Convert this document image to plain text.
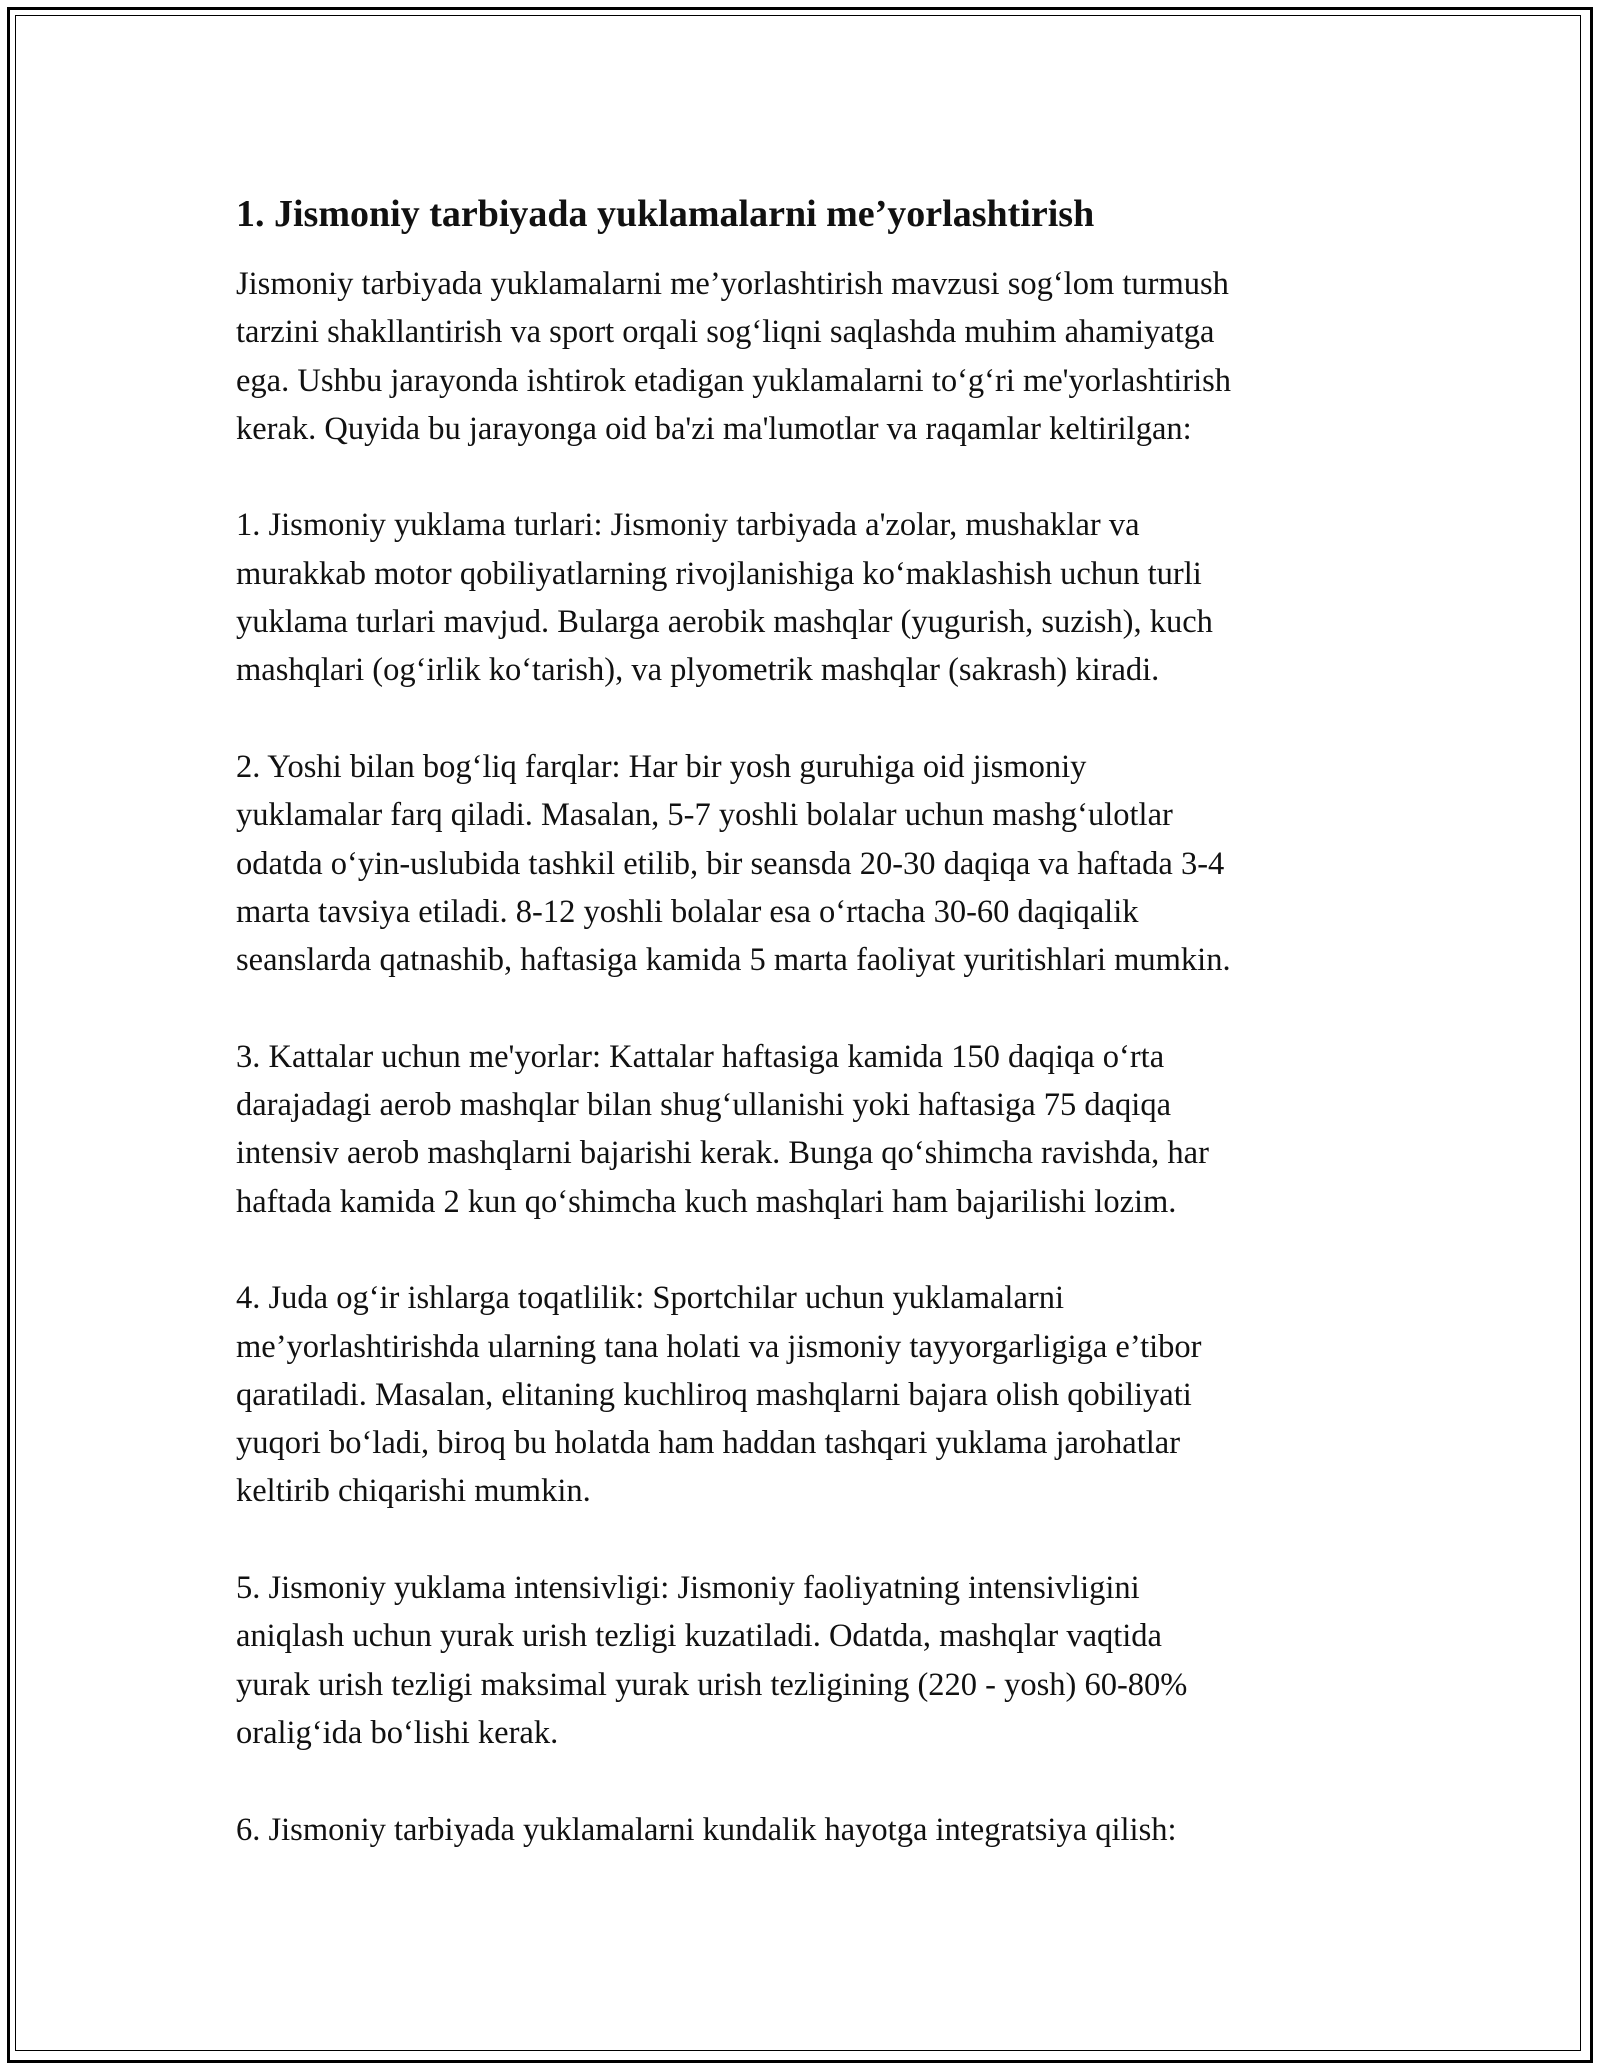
1. Jismoniy tarbiyada yuklamalarni me’yorlashtirish
Jismoniy tarbiyada yuklamalarni me’yorlashtirish mavzusi sog‘lom turmush
tarzini shakllantirish va sport orqali sog‘liqni saqlashda muhim ahamiyatga
ega. Ushbu jarayonda ishtirok etadigan yuklamalarni to‘g‘ri me'yorlashtirish
kerak. Quyida bu jarayonga oid ba'zi ma'lumotlar va raqamlar keltirilgan:
1. Jismoniy yuklama turlari: Jismoniy tarbiyada a'zolar, mushaklar va
murakkab motor qobiliyatlarning rivojlanishiga ko‘maklashish uchun turli
yuklama turlari mavjud. Bularga aerobik mashqlar (yugurish, suzish), kuch
mashqlari (og‘irlik ko‘tarish), va plyometrik mashqlar (sakrash) kiradi.
2. Yoshi bilan bog‘liq farqlar: Har bir yosh guruhiga oid jismoniy
yuklamalar farq qiladi. Masalan, 5-7 yoshli bolalar uchun mashg‘ulotlar
odatda o‘yin-uslubida tashkil etilib, bir seansda 20-30 daqiqa va haftada 3-4
marta tavsiya etiladi. 8-12 yoshli bolalar esa o‘rtacha 30-60 daqiqalik
seanslarda qatnashib, haftasiga kamida 5 marta faoliyat yuritishlari mumkin.
3. Kattalar uchun me'yorlar: Kattalar haftasiga kamida 150 daqiqa o‘rta
darajadagi aerob mashqlar bilan shug‘ullanishi yoki haftasiga 75 daqiqa
intensiv aerob mashqlarni bajarishi kerak. Bunga qo‘shimcha ravishda, har
haftada kamida 2 kun qo‘shimcha kuch mashqlari ham bajarilishi lozim.
4. Juda og‘ir ishlarga toqatlilik: Sportchilar uchun yuklamalarni
me’yorlashtirishda ularning tana holati va jismoniy tayyorgarligiga e’tibor
qaratiladi. Masalan, elitaning kuchliroq mashqlarni bajara olish qobiliyati
yuqori bo‘ladi, biroq bu holatda ham haddan tashqari yuklama jarohatlar
keltirib chiqarishi mumkin.
5. Jismoniy yuklama intensivligi: Jismoniy faoliyatning intensivligini
aniqlash uchun yurak urish tezligi kuzatiladi. Odatda, mashqlar vaqtida
yurak urish tezligi maksimal yurak urish tezligining (220 - yosh) 60-80%
oralig‘ida bo‘lishi kerak.
6. Jismoniy tarbiyada yuklamalarni kundalik hayotga integratsiya qilish:
